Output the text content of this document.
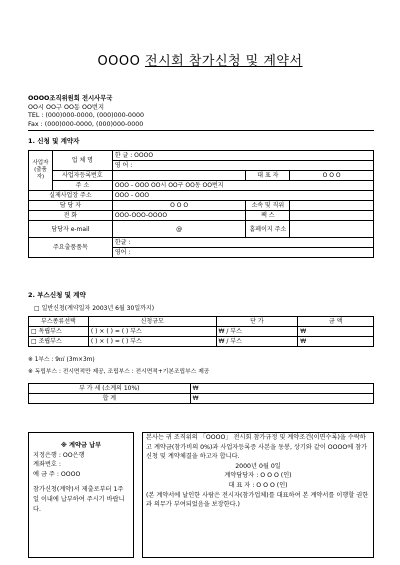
OOOO 전시회 참가신청 및 계약서
OOOO조직위원회 전시사무국
OO시 OO구 OO동 OO번지
TEL : (000)000-0000, (000)000-0000
Fax : (000)000-0000, (000)000-0000
1. 신청 및 계약자
사업자(출품자)	업 체 명	한 글 : OOOO		
		영 어 :		
	사업자등록번호		대 표 자	O O O
	주 소	OOO - OOO OO시 OO구 OO동 OO번지		
실제사업장 주소		OOO - OOO		
담 당 자		O O O	소속 및 직위	
전 화		OOO-OOO-OOOO	팩 스	
담당자 e-mail		@	홈페이지 주소	
주요출품품목		한글 :		
		영어 :		
2. 부스신청 및 계약
□ 일반신청(계약일자 2003년 6월 30일까지)
부스종류선택	신청규모	단 가	금 액
□ 독립부스	( ) × ( ) = ( ) 부스	₩ / 부스	₩
□ 조립부스	( ) × ( ) = ( ) 부스	₩ / 부스	₩
※ 1부스 : 9㎡ (3m×3m)
※ 독립부스 : 전시면적만 제공, 조립부스 : 전시면적+기본조립부스 제공
부 가 세 (소계의 10%)	₩
합 계	₩
※ 계약금 납부
지정은행 : OO은행
계좌번호 :
예 금 주 : OOOO
참가신청(계약)서 제출로부터 1주일 이내에 납부하여 주시기 바랍니다.
본사는 귀 조직위의 「OOOO」 전시회 참가규정 및 계약조건(이면수록)을 수락하고 계약금(참가비의 0%)과 사업자등록증 사본을 동봉, 상기와 같이 OOOO에 참가신청 및 계약체결을 하고자 합니다.
2000년 0월 0일
계약담당자 : O O O (인)
대 표 자 : O O O (인)
(본 계약서에 날인한 사람은 전시자(참가업체)를 대표하여 본 계약서를 이행할 권한과 의무가 부여되었음을 보장한다.)
